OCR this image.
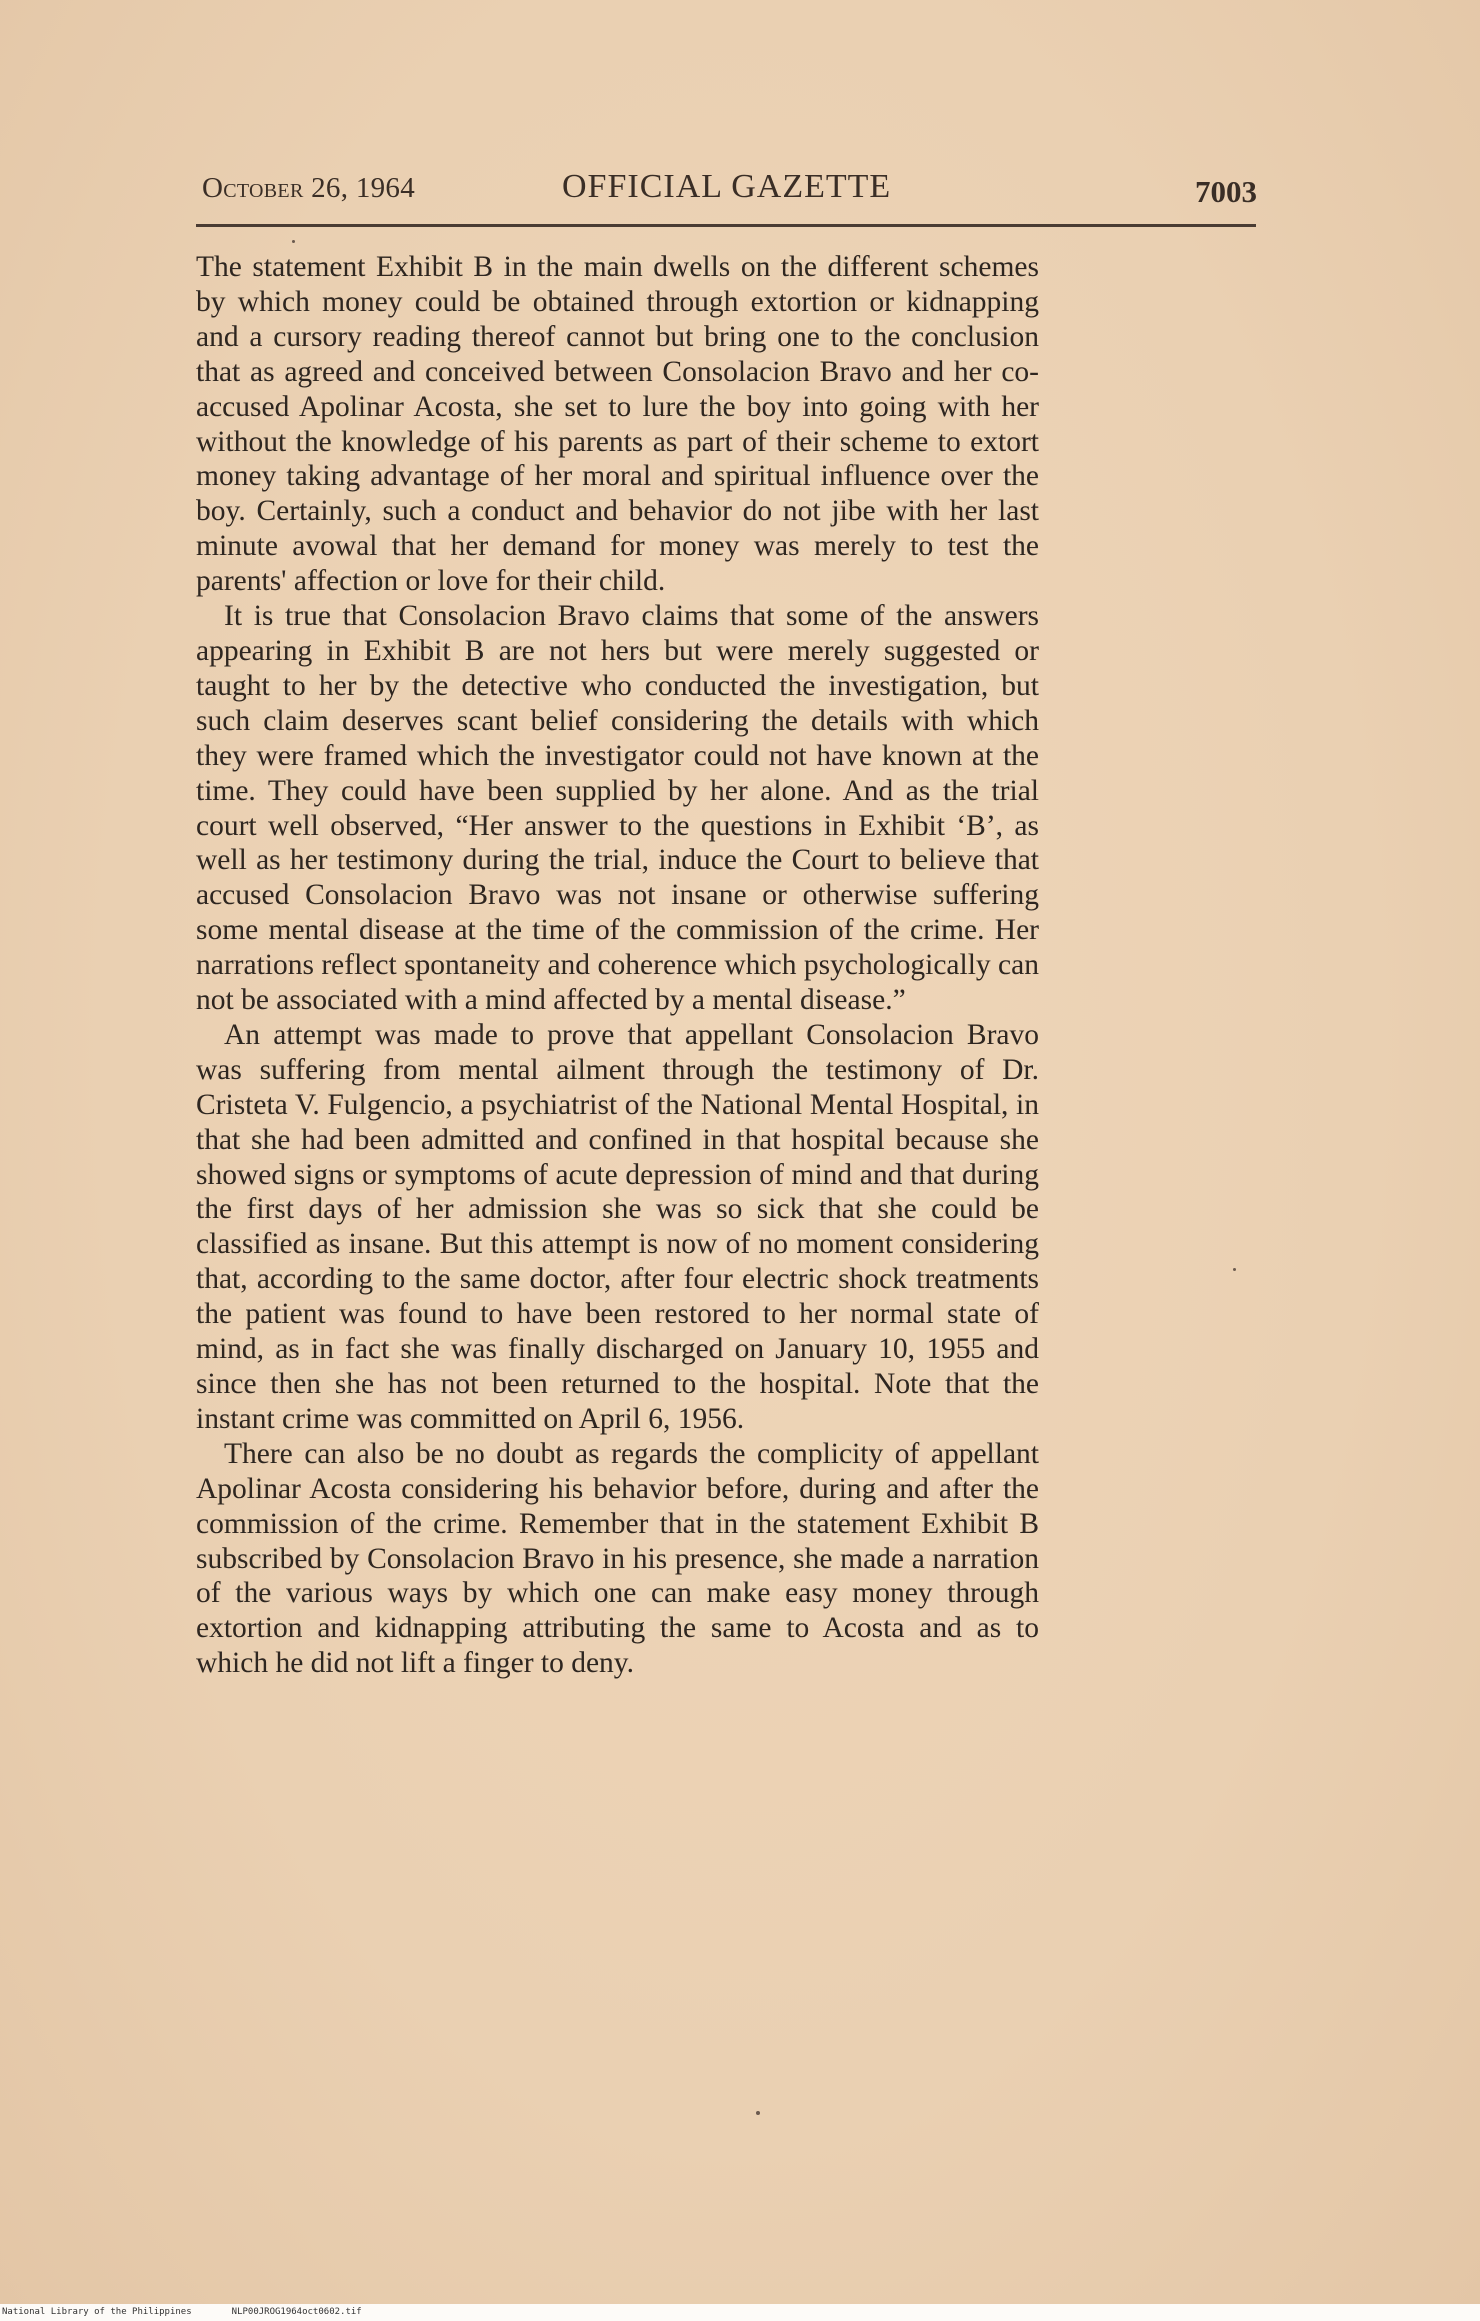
October 26, 1964	OFFICIAL GAZETTE	7003

The statement Exhibit B in the main dwells on the different schemes by which money could be obtained through extortion or kidnapping and a cursory reading thereof cannot but bring one to the conclusion that as agreed and conceived between Consolacion Bravo and her co-accused Apolinar Acosta, she set to lure the boy into going with her without the knowledge of his parents as part of their scheme to extort money taking advantage of her moral and spiritual influence over the boy. Certainly, such a conduct and behavior do not jibe with her last minute avowal that her demand for money was merely to test the parents' affection or love for their child.

It is true that Consolacion Bravo claims that some of the answers appearing in Exhibit B are not hers but were merely suggested or taught to her by the detective who conducted the investigation, but such claim deserves scant belief considering the details with which they were framed which the investigator could not have known at the time. They could have been supplied by her alone. And as the trial court well observed, “Her answer to the questions in Exhibit ‘B’, as well as her testimony during the trial, induce the Court to believe that accused Consolacion Bravo was not insane or otherwise suffering some mental disease at the time of the commission of the crime. Her narrations reflect spontaneity and coherence which psychologically can not be associated with a mind affected by a mental disease.”

An attempt was made to prove that appellant Consolacion Bravo was suffering from mental ailment through the testimony of Dr. Cristeta V. Fulgencio, a psychiatrist of the National Mental Hospital, in that she had been admitted and confined in that hospital because she showed signs or symptoms of acute depression of mind and that during the first days of her admission she was so sick that she could be classified as insane. But this attempt is now of no moment considering that, according to the same doctor, after four electric shock treatments the patient was found to have been restored to her normal state of mind, as in fact she was finally discharged on January 10, 1955 and since then she has not been returned to the hospital. Note that the instant crime was committed on April 6, 1956.

There can also be no doubt as regards the complicity of appellant Apolinar Acosta considering his behavior before, during and after the commission of the crime. Remember that in the statement Exhibit B subscribed by Consolacion Bravo in his presence, she made a narration of the various ways by which one can make easy money through extortion and kidnapping attributing the same to Acosta and as to which he did not lift a finger to deny.

National Library of the Philippines	NLP00JROG1964oct0602.tif
